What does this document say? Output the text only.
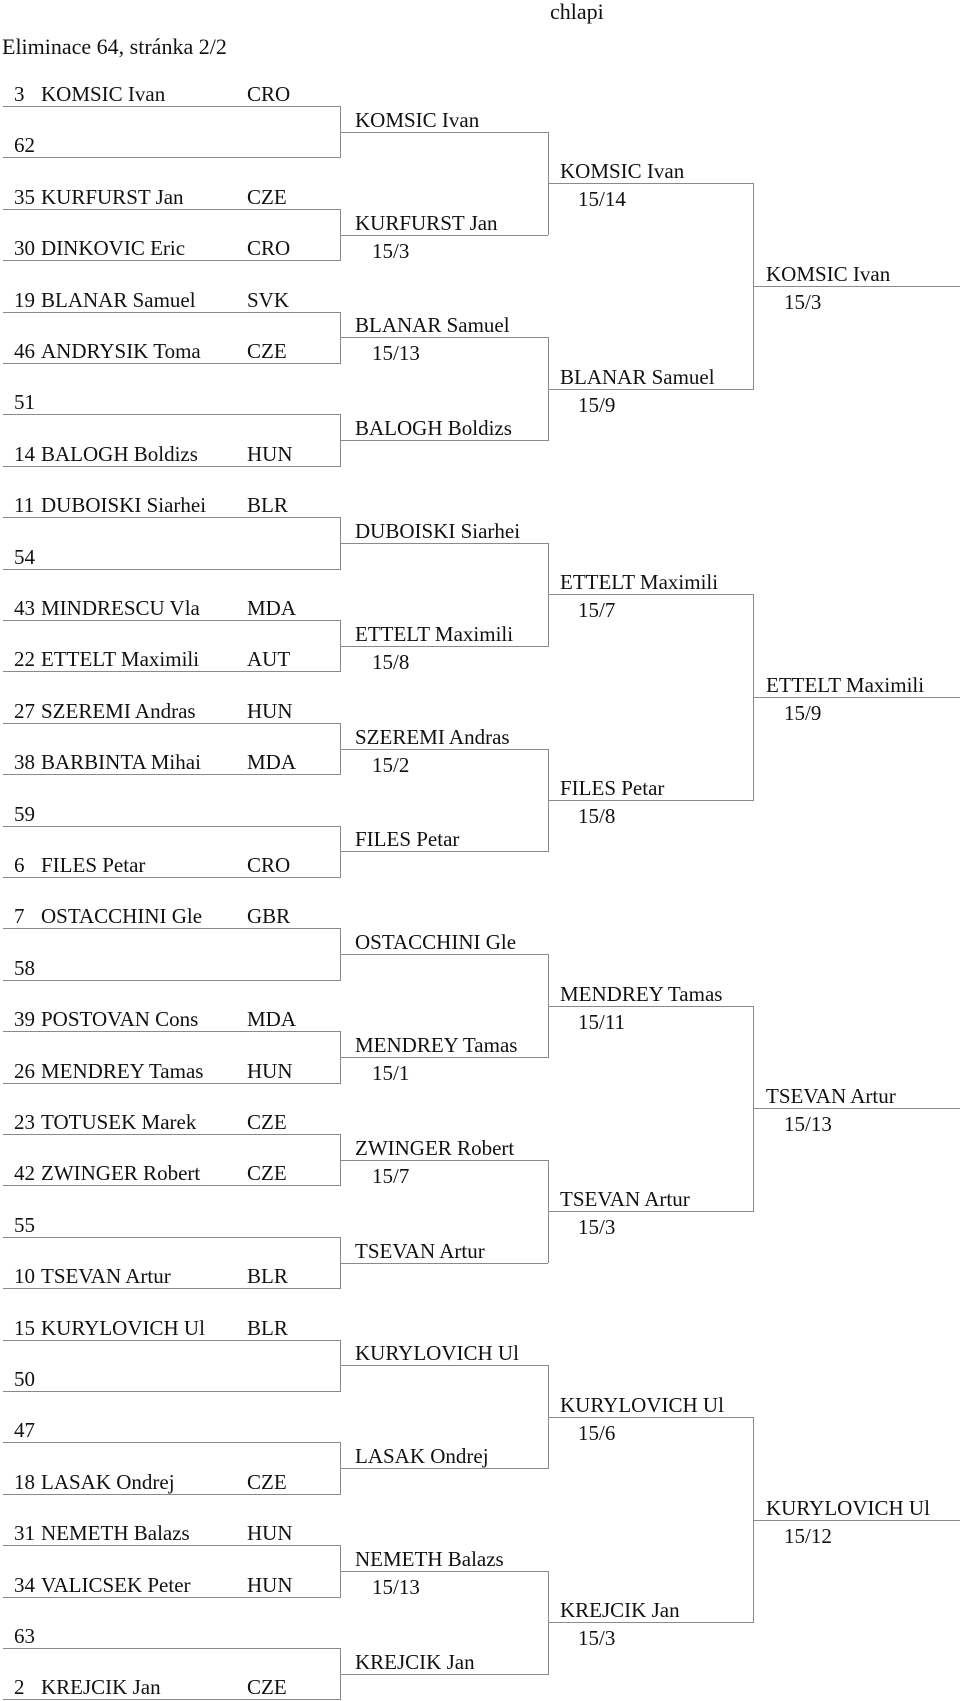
chlapi
Eliminace 64, stránka 2/2
3 KOMSIC Ivan	CRO
62
35 KURFURST Jan	CZE
30 DINKOVIC Eric	CRO
19 BLANAR Samuel SVK
46 ANDRYSIK Toma CZE
51
14 BALOGH Boldizs HUN
11 DUBOISKI Siarhei BLR
54
43 MINDRESCU Vla MDA
22 ETTELT Maximili AUT
27 SZEREMI Andras HUN
38 BARBINTA Mihai MDA
59
6 FILES Petar	CRO
7 OSTACCHINI Gle GBR
58
39 POSTOVAN Cons MDA
26 MENDREY Tamas HUN
23 TOTUSEK Marek CZE
42 ZWINGER Robert CZE
55
10 TSEVAN Artur	BLR
15 KURYLOVICH Ul BLR
50
47
18 LASAK Ondrej	CZE
31 NEMETH Balazs	HUN
34 VALICSEK Peter	HUN
63
2 KREJCIK Jan	CZE
KOMSIC Ivan
KURFURST Jan
15/3
BLANAR Samuel
15/13
BALOGH Boldizs
DUBOISKI Siarhei
ETTELT Maximili
15/8
SZEREMI Andras
15/2
FILES Petar
OSTACCHINI Gle
MENDREY Tamas
15/1
ZWINGER Robert
15/7
TSEVAN Artur
KURYLOVICH Ul
LASAK Ondrej
NEMETH Balazs
15/13
KREJCIK Jan
KOMSIC Ivan
15/14
BLANAR Samuel
15/9
ETTELT Maximili
15/7
FILES Petar
15/8
MENDREY Tamas
15/11
TSEVAN Artur
15/3
KURYLOVICH Ul
15/6
KREJCIK Jan
15/3
KOMSIC Ivan
15/3
ETTELT Maximili
15/9
TSEVAN Artur
15/13
KURYLOVICH Ul
15/12
